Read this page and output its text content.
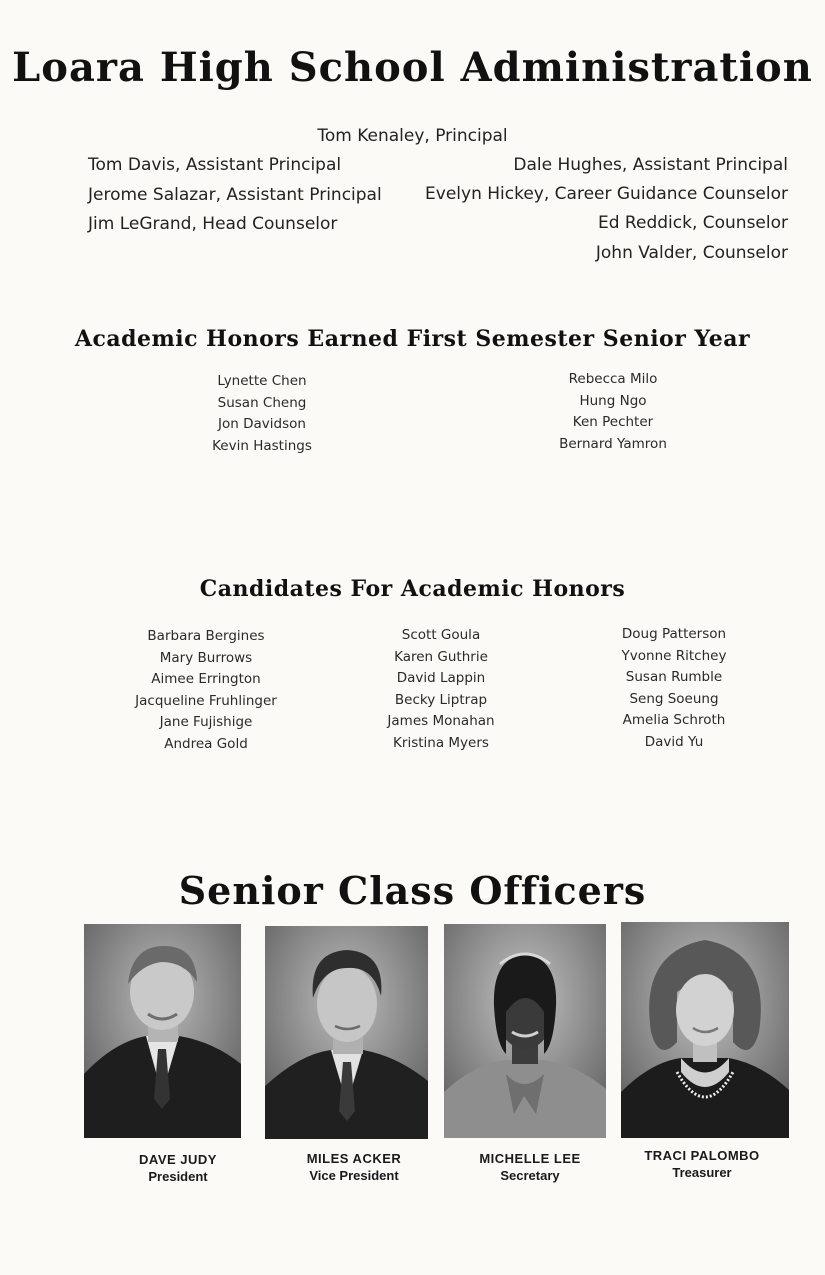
Loara High School Administration
Tom Kenaley, Principal
Tom Davis, Assistant Principal
Jerome Salazar, Assistant Principal
Jim LeGrand, Head Counselor
Dale Hughes, Assistant Principal
Evelyn Hickey, Career Guidance Counselor
Ed Reddick, Counselor
John Valder, Counselor
Academic Honors Earned First Semester Senior Year
Lynette Chen
Susan Cheng
Jon Davidson
Kevin Hastings
Rebecca Milo
Hung Ngo
Ken Pechter
Bernard Yamron
Candidates For Academic Honors
Barbara Bergines
Mary Burrows
Aimee Errington
Jacqueline Fruhlinger
Jane Fujishige
Andrea Gold
Scott Goula
Karen Guthrie
David Lappin
Becky Liptrap
James Monahan
Kristina Myers
Doug Patterson
Yvonne Ritchey
Susan Rumble
Seng Soeung
Amelia Schroth
David Yu
Senior Class Officers
DAVE JUDY
President
MILES ACKER
Vice President
MICHELLE LEE
Secretary
TRACI PALOMBO
Treasurer
